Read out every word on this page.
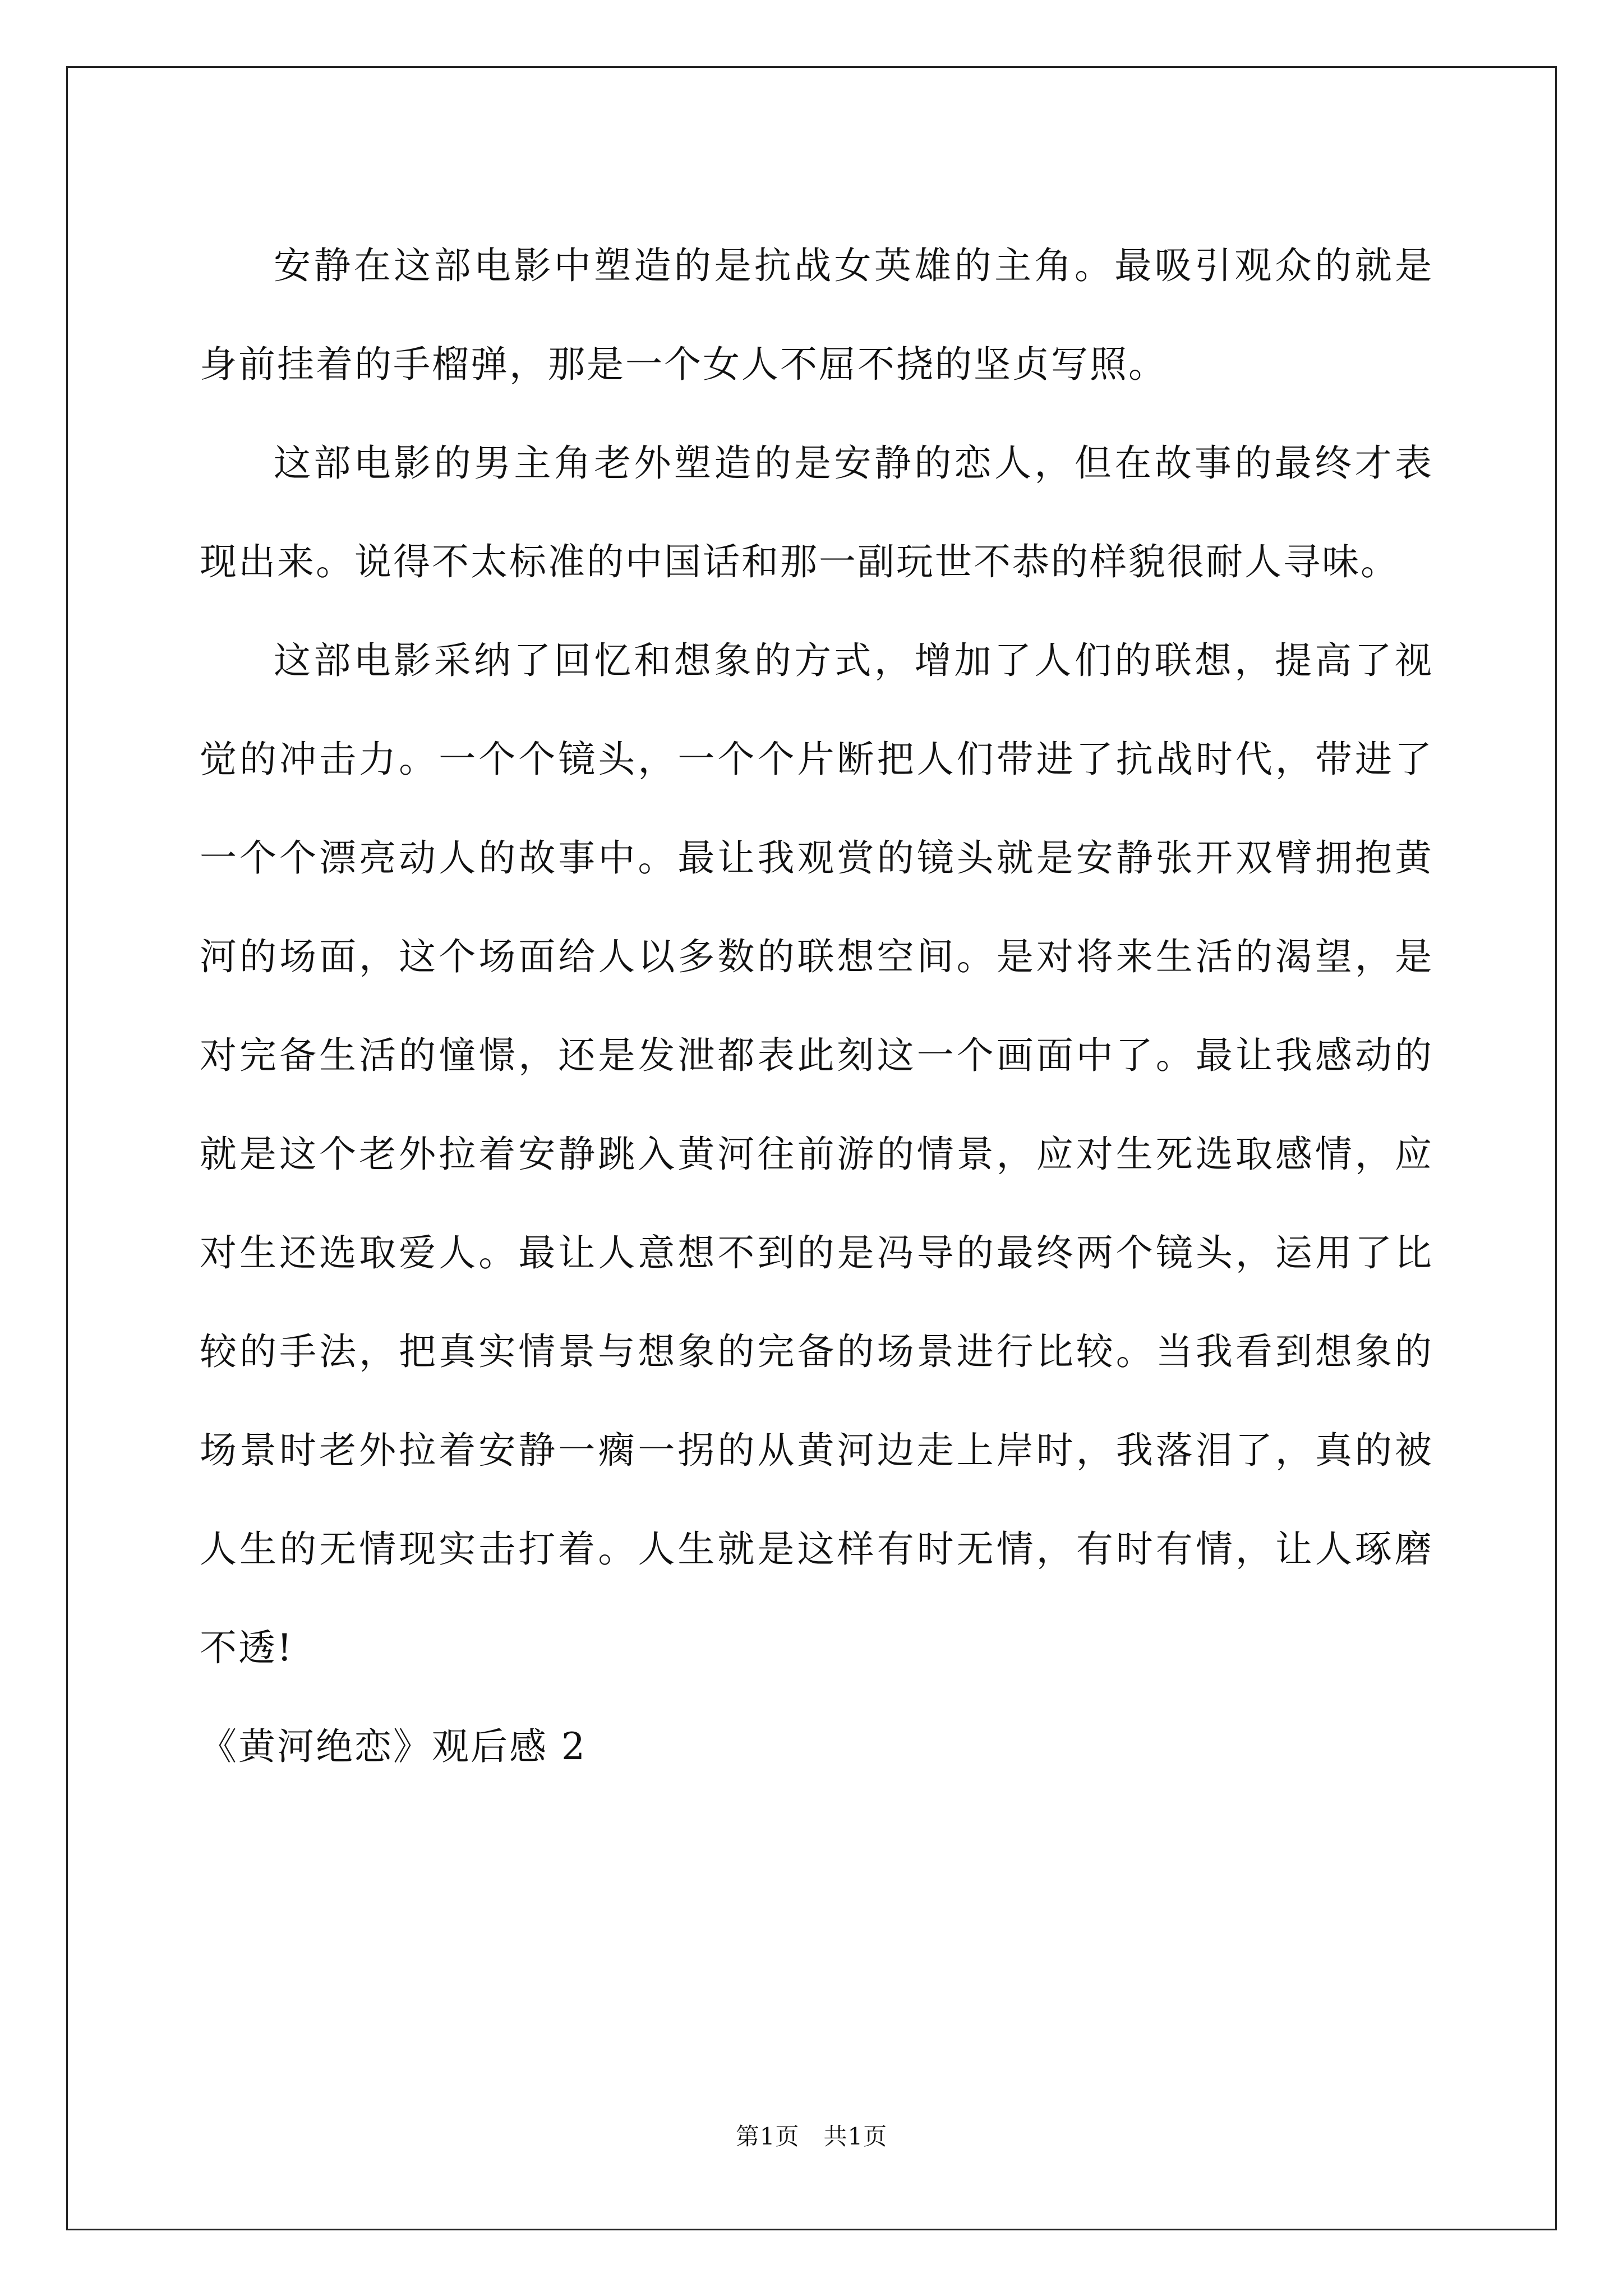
安静在这部电影中塑造的是抗战女英雄的主角。最吸引观众的就是身前挂着的手榴弹，那是一个女人不屈不挠的坚贞写照。

这部电影的男主角老外塑造的是安静的恋人，但在故事的最终才表现出来。说得不太标准的中国话和那一副玩世不恭的样貌很耐人寻味。

这部电影采纳了回忆和想象的方式，增加了人们的联想，提高了视觉的冲击力。一个个镜头，一个个片断把人们带进了抗战时代，带进了一个个漂亮动人的故事中。最让我观赏的镜头就是安静张开双臂拥抱黄河的场面，这个场面给人以多数的联想空间。是对将来生活的渴望，是对完备生活的憧憬，还是发泄都表此刻这一个画面中了。最让我感动的就是这个老外拉着安静跳入黄河往前游的情景，应对生死选取感情，应对生还选取爱人。最让人意想不到的是冯导的最终两个镜头，运用了比较的手法，把真实情景与想象的完备的场景进行比较。当我看到想象的场景时老外拉着安静一瘸一拐的从黄河边走上岸时，我落泪了，真的被人生的无情现实击打着。人生就是这样有时无情，有时有情，让人琢磨不透!

《黄河绝恋》观后感 2

第1页   共1页
